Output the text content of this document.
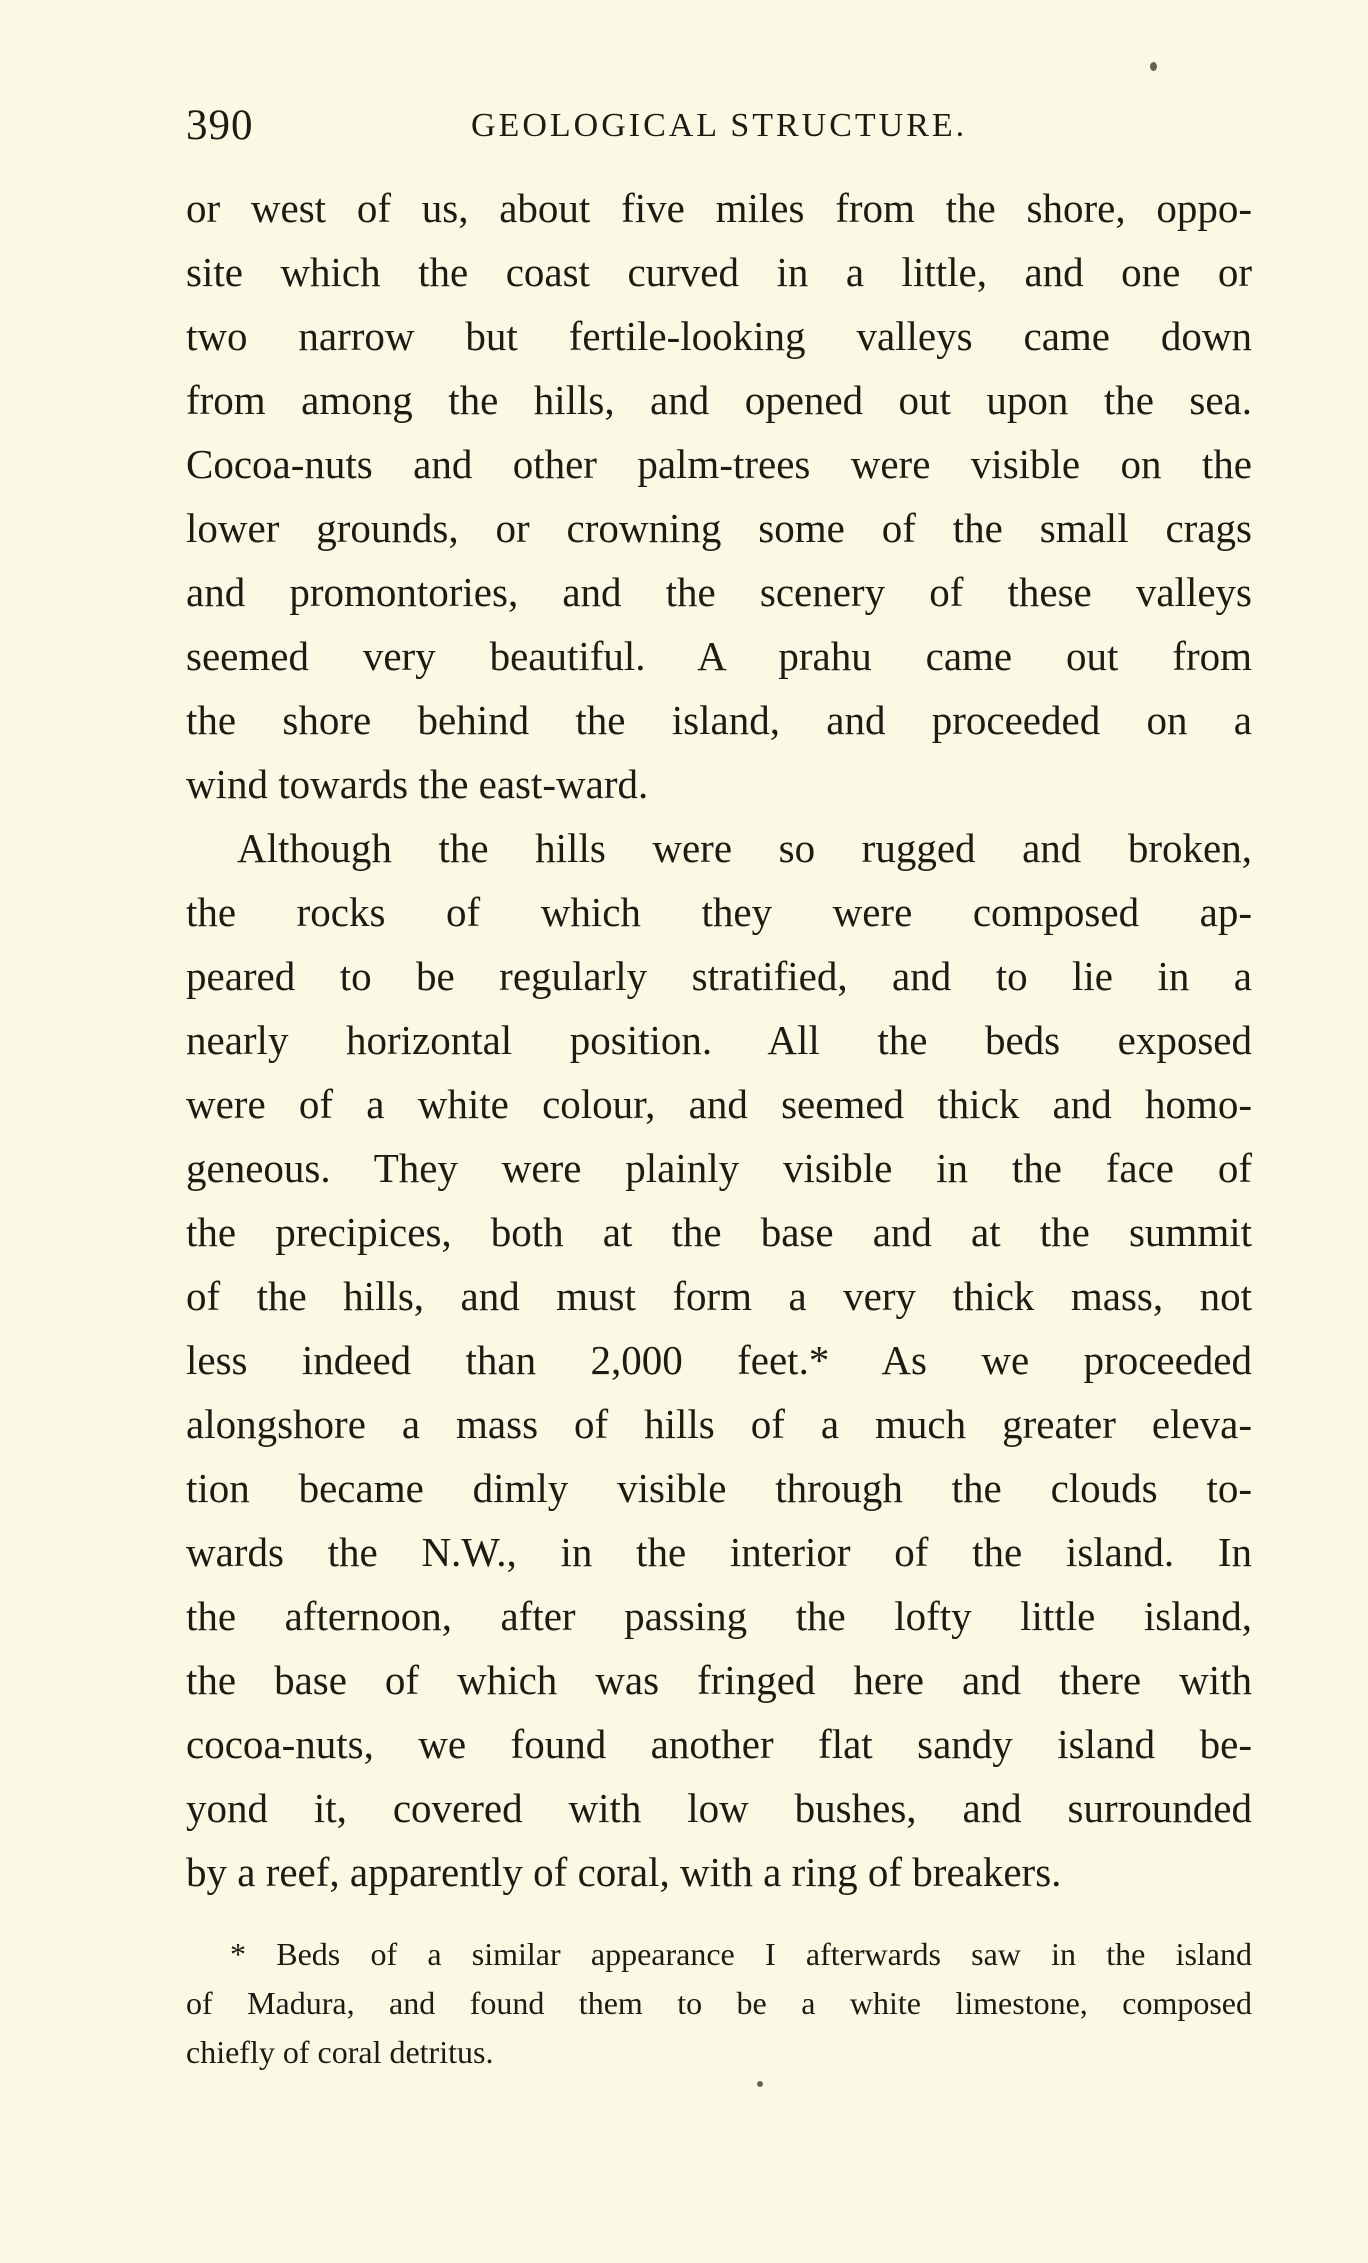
390	GEOLOGICAL STRUCTURE.
or west of us, about five miles from the shore, oppo-
site which the coast curved in a little, and one or
two narrow but fertile-looking valleys came down
from among the hills, and opened out upon the sea.
Cocoa-nuts and other palm-trees were visible on the
lower grounds, or crowning some of the small crags
and promontories, and the scenery of these valleys
seemed very beautiful. A prahu came out from
the shore behind the island, and proceeded on a
wind towards the east-ward.
Although the hills were so rugged and broken,
the rocks of which they were composed ap-
peared to be regularly stratified, and to lie in a
nearly horizontal position. All the beds exposed
were of a white colour, and seemed thick and homo-
geneous. They were plainly visible in the face of
the precipices, both at the base and at the summit
of the hills, and must form a very thick mass, not
less indeed than 2,000 feet.* As we proceeded
alongshore a mass of hills of a much greater eleva-
tion became dimly visible through the clouds to-
wards the N.W., in the interior of the island. In
the afternoon, after passing the lofty little island,
the base of which was fringed here and there with
cocoa-nuts, we found another flat sandy island be-
yond it, covered with low bushes, and surrounded
by a reef, apparently of coral, with a ring of breakers.
* Beds of a similar appearance I afterwards saw in the island
of Madura, and found them to be a white limestone, composed
chiefly of coral detritus.
